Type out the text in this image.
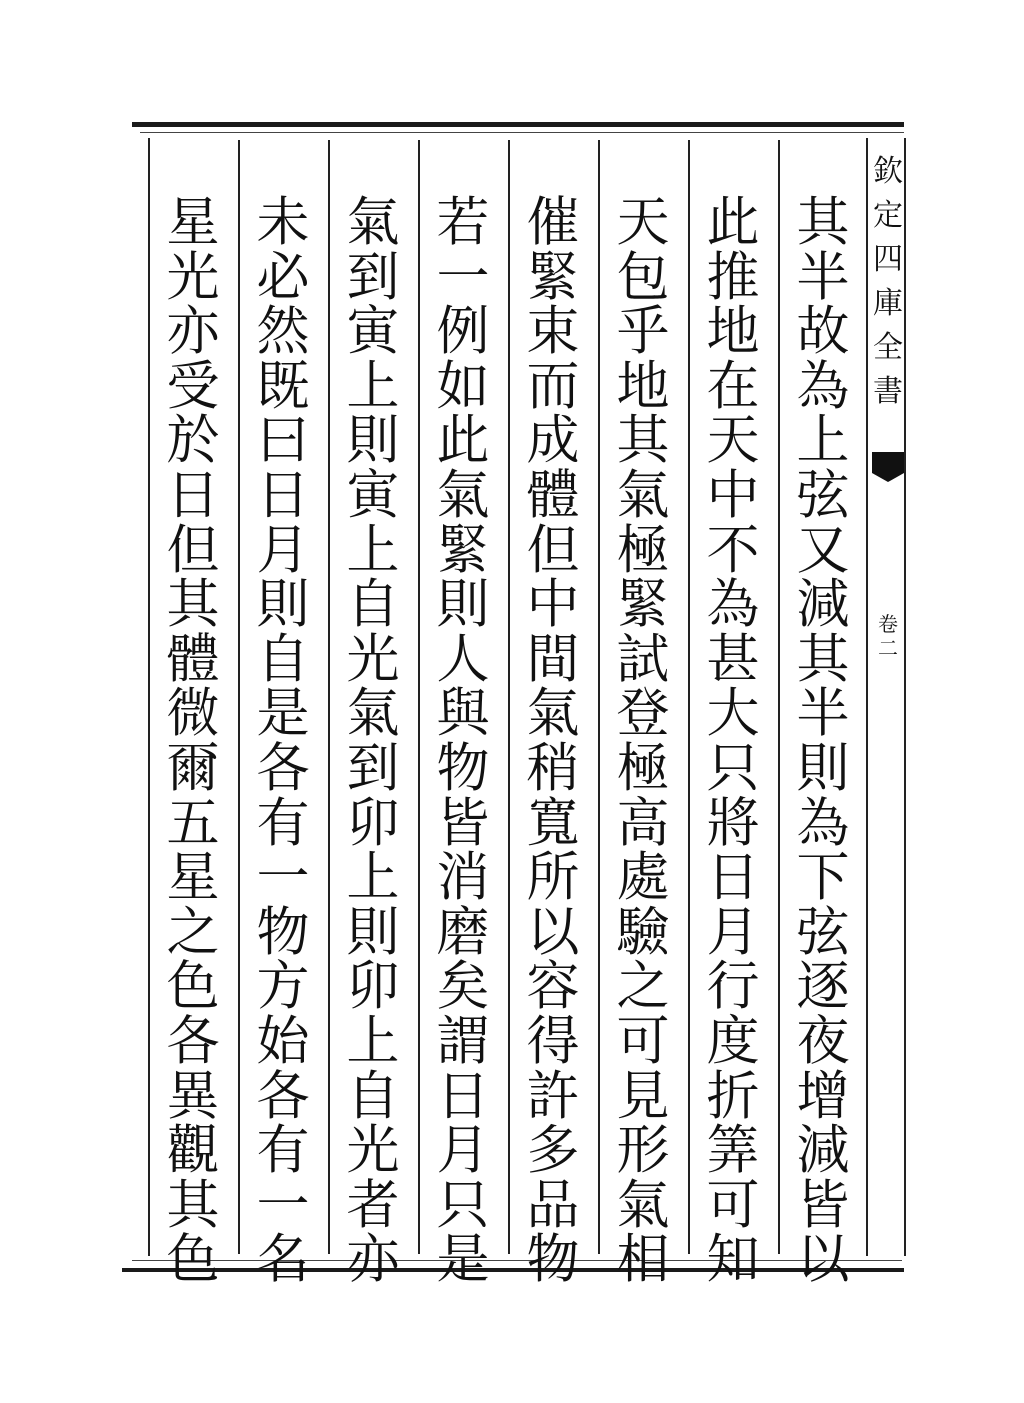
欽
定
四
庫
全
書
卷
二
其
半
故
為
上
弦
又
減
其
半
則
為
下
弦
逐
夜
增
減
皆
以
此
推
地
在
天
中
不
為
甚
大
只
將
日
月
行
度
折
筭
可
知
天
包
乎
地
其
氣
極
緊
試
登
極
高
處
驗
之
可
見
形
氣
相
催
緊
束
而
成
體
但
中
間
氣
稍
寬
所
以
容
得
許
多
品
物
若
一
例
如
此
氣
緊
則
人
與
物
皆
消
磨
矣
謂
日
月
只
是
氣
到
寅
上
則
寅
上
自
光
氣
到
卯
上
則
卯
上
自
光
者
亦
未
必
然
既
曰
日
月
則
自
是
各
有
一
物
方
始
各
有
一
名
星
光
亦
受
於
日
但
其
體
微
爾
五
星
之
色
各
異
觀
其
色
